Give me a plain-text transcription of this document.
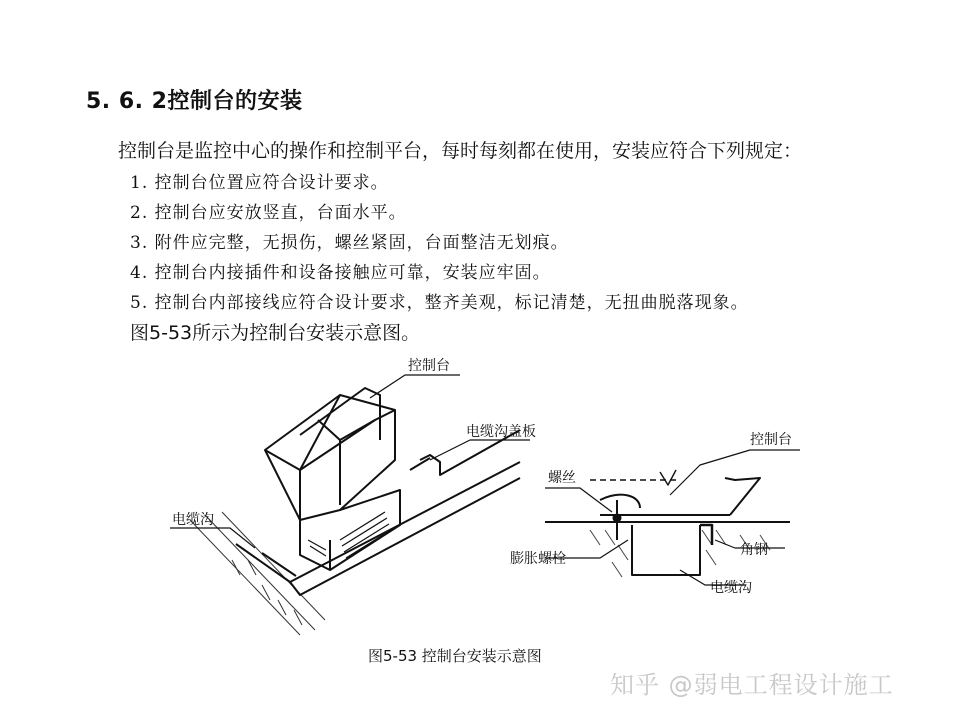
5. 6. 2控制台的安装
控制台是监控中心的操作和控制平台，每时每刻都在使用，安装应符合下列规定：
1. 控制台位置应符合设计要求。
2. 控制台应安放竖直，台面水平。
3. 附件应完整，无损伤，螺丝紧固，台面整洁无划痕。
4. 控制台内接插件和设备接触应可靠，安装应牢固。
5. 控制台内部接线应符合设计要求，整齐美观，标记清楚，无扭曲脱落现象。
图5-53所示为控制台安装示意图。
控制台
电缆沟盖板
电缆沟
控制台
螺丝
膨胀螺栓
角钢
电缆沟
图5-53 控制台安装示意图
知乎 @弱电工程设计施工
